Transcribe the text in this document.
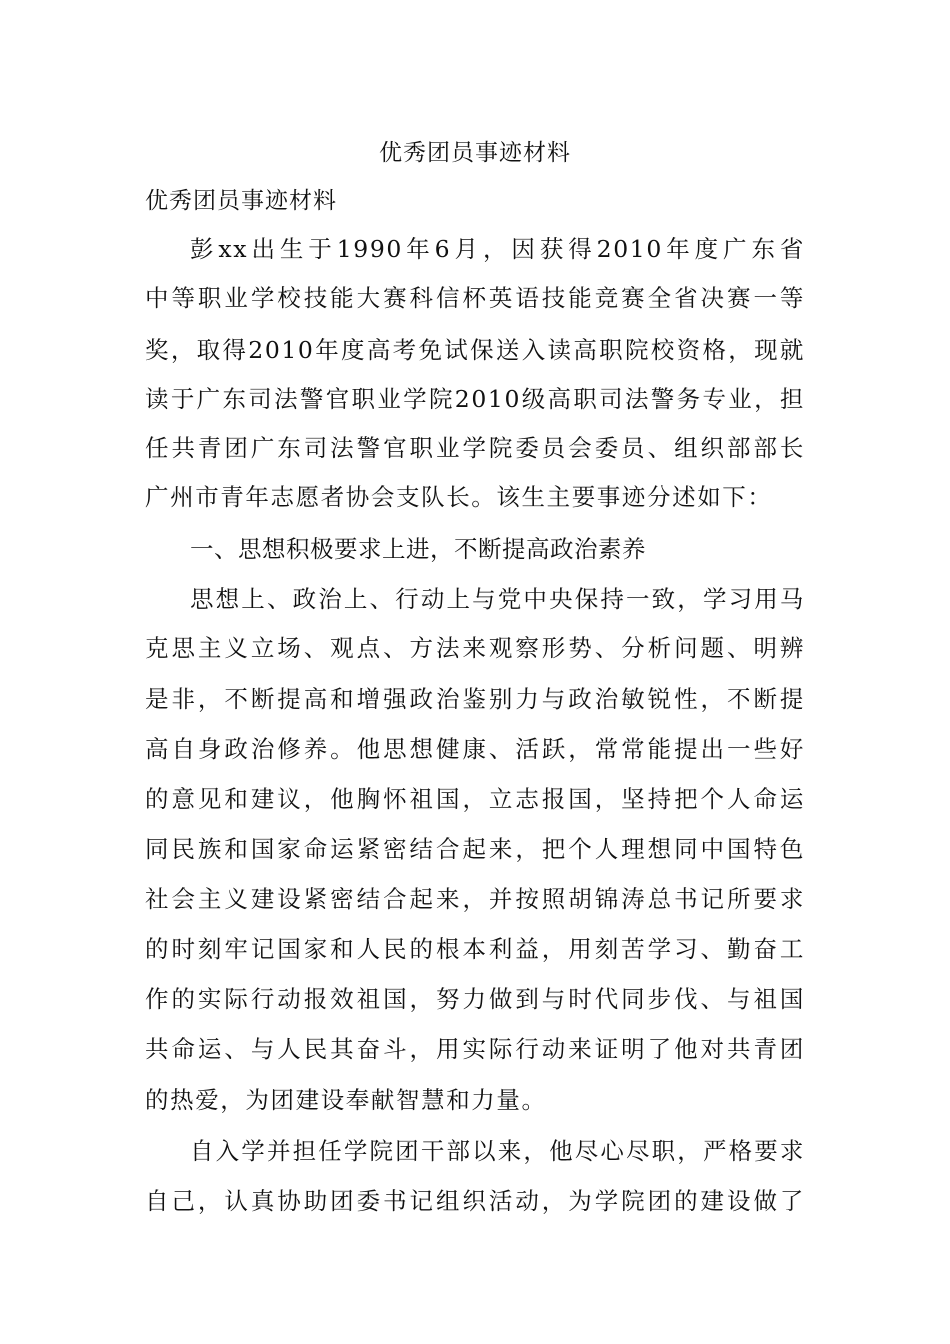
优秀团员事迹材料
优秀团员事迹材料
彭xx出生于1990年6月，因获得2010年度广东省
中等职业学校技能大赛科信杯英语技能竞赛全省决赛一等
奖，取得2010年度高考免试保送入读高职院校资格，现就
读于广东司法警官职业学院2010级高职司法警务专业，担
任共青团广东司法警官职业学院委员会委员、组织部部长
广州市青年志愿者协会支队长。该生主要事迹分述如下：
一、思想积极要求上进，不断提高政治素养
思想上、政治上、行动上与党中央保持一致，学习用马
克思主义立场、观点、方法来观察形势、分析问题、明辨
是非，不断提高和增强政治鉴别力与政治敏锐性，不断提
高自身政治修养。他思想健康、活跃，常常能提出一些好
的意见和建议，他胸怀祖国，立志报国，坚持把个人命运
同民族和国家命运紧密结合起来，把个人理想同中国特色
社会主义建设紧密结合起来，并按照胡锦涛总书记所要求
的时刻牢记国家和人民的根本利益，用刻苦学习、勤奋工
作的实际行动报效祖国，努力做到与时代同步伐、与祖国
共命运、与人民其奋斗，用实际行动来证明了他对共青团
的热爱，为团建设奉献智慧和力量。
自入学并担任学院团干部以来，他尽心尽职，严格要求
自己，认真协助团委书记组织活动，为学院团的建设做了
